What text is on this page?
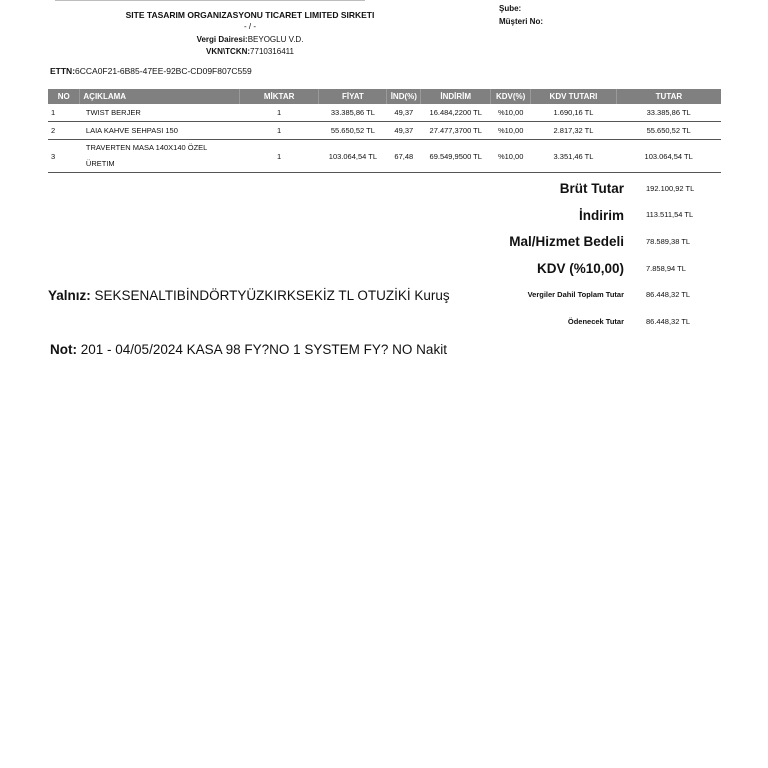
SITE TASARIM ORGANIZASYONU TICARET LIMITED SIRKETI
- / -
Vergi Dairesi:BEYOGLU V.D.
VKN\TCKN:7710316411
Şube:
Müşteri No:
ETTN:6CCA0F21-6B85-47EE-92BC-CD09F807C559
NO	AÇIKLAMA	MİKTAR	FİYAT	İND(%)	İNDİRİM	KDV(%)	KDV TUTARI	TUTAR
1	TWIST BERJER	1	33.385,86 TL	49,37	16.484,2200 TL	%10,00	1.690,16 TL	33.385,86 TL
2	LAIA KAHVE SEHPASI 150	1	55.650,52 TL	49,37	27.477,3700 TL	%10,00	2.817,32 TL	55.650,52 TL
3	TRAVERTEN MASA 140X140 ÖZEL
ÜRETIM	1	103.064,54 TL	67,48	69.549,9500 TL	%10,00	3.351,46 TL	103.064,54 TL
Brüt Tutar	192.100,92 TL
İndirim	113.511,54 TL
Mal/Hizmet Bedeli	78.589,38 TL
KDV (%10,00)	7.858,94 TL
Vergiler Dahil Toplam Tutar	86.448,32 TL
Ödenecek Tutar	86.448,32 TL
Yalnız: SEKSENALTIBİNDÖRTYÜZKIRKSEKİZ TL OTUZİKİ Kuruş
Not: 201 - 04/05/2024 KASA 98 FY?NO 1 SYSTEM FY? NO Nakit
